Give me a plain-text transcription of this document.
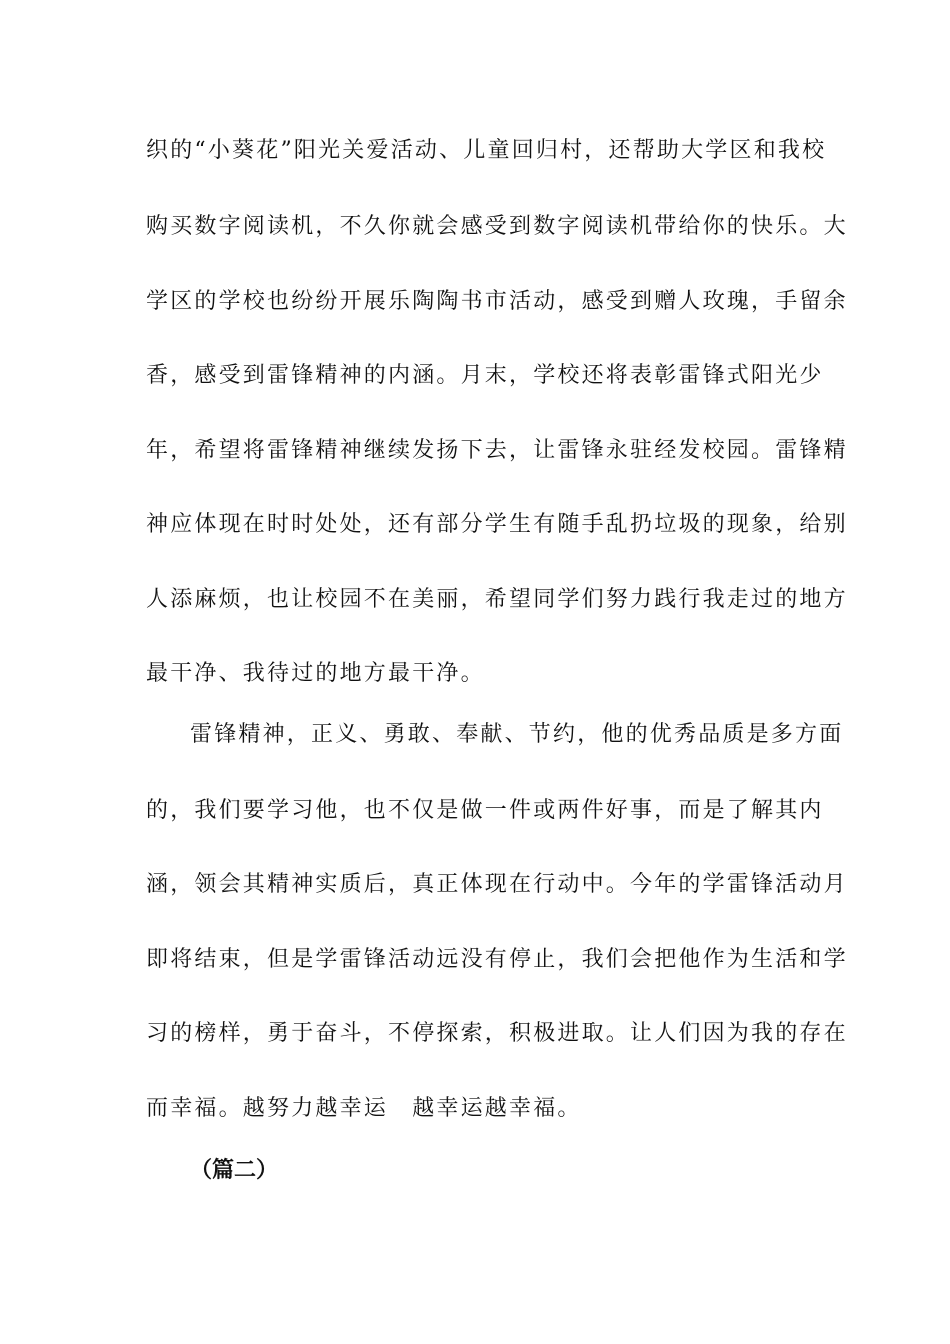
织的“小葵花”阳光关爱活动、儿童回归村，还帮助大学区和我校
购买数字阅读机，不久你就会感受到数字阅读机带给你的快乐。大
学区的学校也纷纷开展乐陶陶书市活动，感受到赠人玫瑰，手留余
香，感受到雷锋精神的内涵。月末，学校还将表彰雷锋式阳光少
年，希望将雷锋精神继续发扬下去，让雷锋永驻经发校园。雷锋精
神应体现在时时处处，还有部分学生有随手乱扔垃圾的现象，给别
人添麻烦，也让校园不在美丽，希望同学们努力践行我走过的地方
最干净、我待过的地方最干净。
雷锋精神，正义、勇敢、奉献、节约，他的优秀品质是多方面
的，我们要学习他，也不仅是做一件或两件好事，而是了解其内
涵，领会其精神实质后，真正体现在行动中。今年的学雷锋活动月
即将结束，但是学雷锋活动远没有停止，我们会把他作为生活和学
习的榜样，勇于奋斗，不停探索，积极进取。让人们因为我的存在
而幸福。越努力越幸运　越幸运越幸福。
（篇二）
